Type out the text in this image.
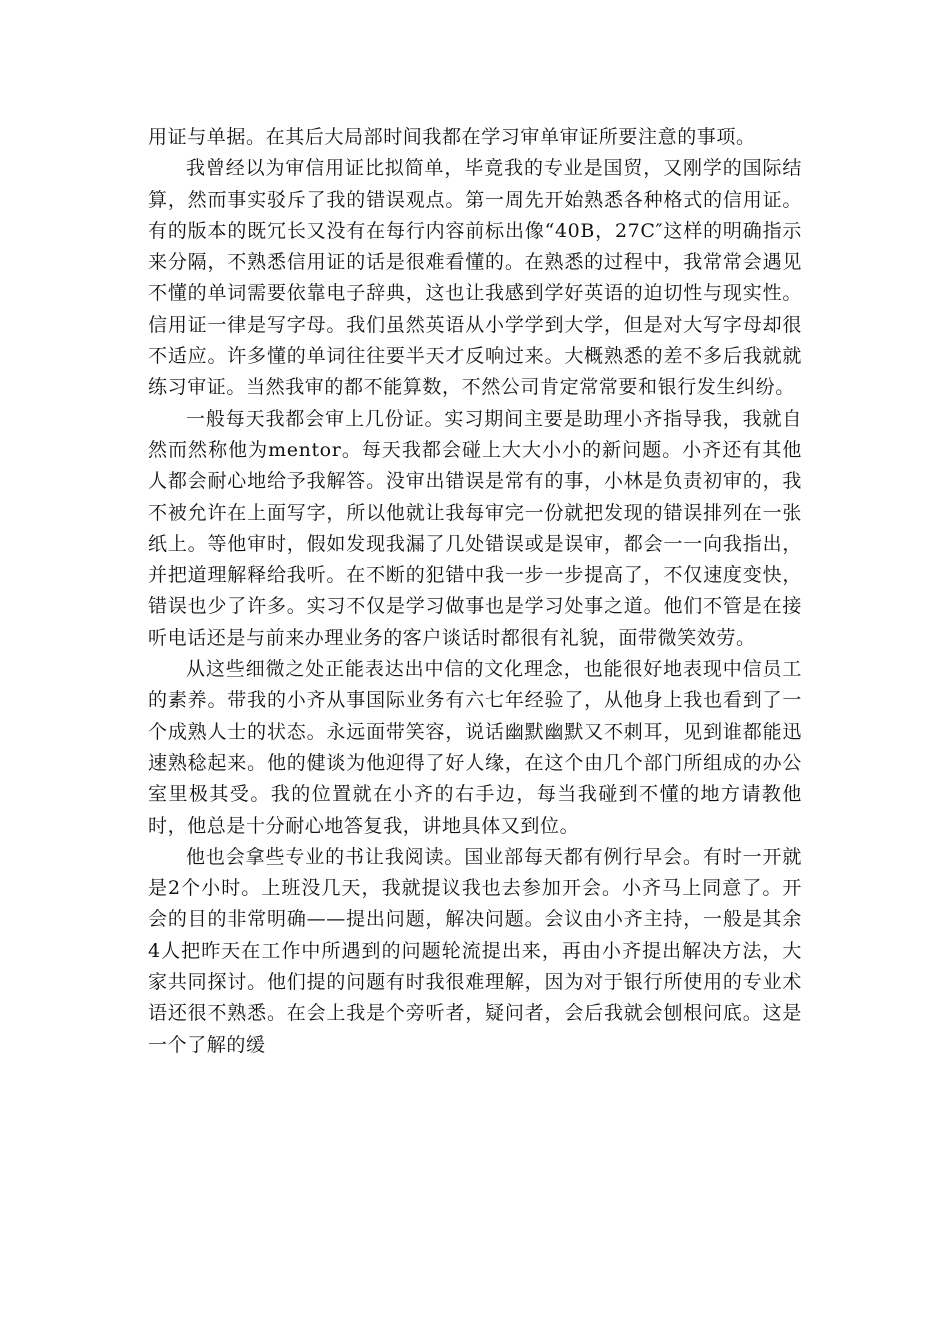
用证与单据。在其后大局部时间我都在学习审单审证所要注意的事项。

我曾经以为审信用证比拟简单，毕竟我的专业是国贸，又刚学的国际结算，然而事实驳斥了我的错误观点。第一周先开始熟悉各种格式的信用证。有的版本的既冗长又没有在每行内容前标出像“40B，27C″这样的明确指示来分隔，不熟悉信用证的话是很难看懂的。在熟悉的过程中，我常常会遇见不懂的单词需要依靠电子辞典，这也让我感到学好英语的迫切性与现实性。信用证一律是写字母。我们虽然英语从小学学到大学，但是对大写字母却很不适应。许多懂的单词往往要半天才反响过来。大概熟悉的差不多后我就就练习审证。当然我审的都不能算数，不然公司肯定常常要和银行发生纠纷。

一般每天我都会审上几份证。实习期间主要是助理小齐指导我，我就自然而然称他为mentor。每天我都会碰上大大小小的新问题。小齐还有其他人都会耐心地给予我解答。没审出错误是常有的事，小林是负责初审的，我不被允许在上面写字，所以他就让我每审完一份就把发现的错误排列在一张纸上。等他审时，假如发现我漏了几处错误或是误审，都会一一向我指出，并把道理解释给我听。在不断的犯错中我一步一步提高了，不仅速度变快，错误也少了许多。实习不仅是学习做事也是学习处事之道。他们不管是在接听电话还是与前来办理业务的客户谈话时都很有礼貌，面带微笑效劳。

从这些细微之处正能表达出中信的文化理念，也能很好地表现中信员工的素养。带我的小齐从事国际业务有六七年经验了，从他身上我也看到了一个成熟人士的状态。永远面带笑容，说话幽默幽默又不刺耳，见到谁都能迅速熟稔起来。他的健谈为他迎得了好人缘，在这个由几个部门所组成的办公室里极其受。我的位置就在小齐的右手边，每当我碰到不懂的地方请教他时，他总是十分耐心地答复我，讲地具体又到位。

他也会拿些专业的书让我阅读。国业部每天都有例行早会。有时一开就是2个小时。上班没几天，我就提议我也去参加开会。小齐马上同意了。开会的目的非常明确——提出问题，解决问题。会议由小齐主持，一般是其余4人把昨天在工作中所遇到的问题轮流提出来，再由小齐提出解决方法，大家共同探讨。他们提的问题有时我很难理解，因为对于银行所使用的专业术语还很不熟悉。在会上我是个旁听者，疑问者，会后我就会刨根问底。这是一个了解的缓
